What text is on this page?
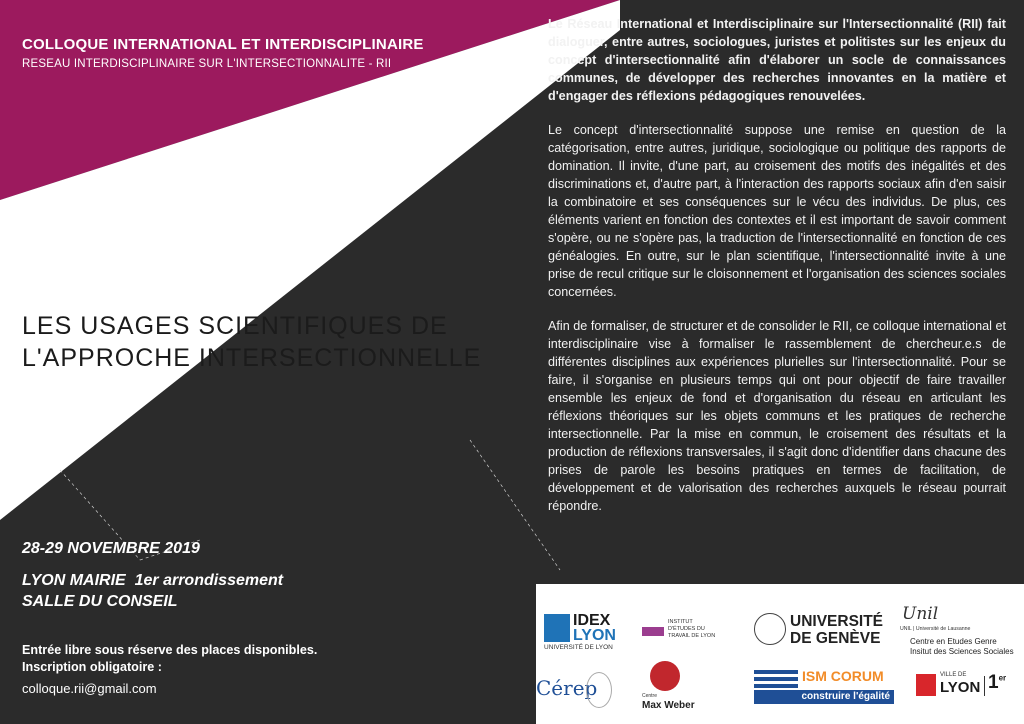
COLLOQUE INTERNATIONAL ET INTERDISCIPLINAIRE
RESEAU INTERDISCIPLINAIRE SUR L'INTERSECTIONNALITE - RII
LES USAGES SCIENTIFIQUES DE
L'APPROCHE INTERSECTIONNELLE

Le Réseau International et Interdisciplinaire sur l'Intersectionnalité (RII) fait dialoguer, entre autres, sociologues, juristes et politistes sur les enjeux du concept d'intersectionnalité afin d'élaborer un socle de connaissances communes, de développer des recherches innovantes en la matière et d'engager des réflexions pédagogiques renouvelées.

Le concept d'intersectionnalité suppose une remise en question de la catégorisation, entre autres, juridique, sociologique ou politique des rapports de domination. Il invite, d'une part, au croisement des motifs des inégalités et des discriminations et, d'autre part, à l'interaction des rapports sociaux afin d'en saisir la combinatoire et ses conséquences sur le vécu des individus. De plus, ces éléments varient en fonction des contextes et il est important de savoir comment s'opère, ou ne s'opère pas, la traduction de l'intersectionnalité en fonction de ces généalogies. En outre, sur le plan scientifique, l'intersectionnalité invite à une prise de recul critique sur le cloisonnement et l'organisation des sciences sociales concernées.

Afin de formaliser, de structurer et de consolider le RII, ce colloque international et interdisciplinaire vise à formaliser le rassemblement de chercheur.e.s de différentes disciplines aux expériences plurielles sur l'intersectionnalité. Pour se faire, il s'organise en plusieurs temps qui ont pour objectif de faire travailler ensemble les enjeux de fond et d'organisation du réseau en articulant les réflexions théoriques sur les objets communs et les pratiques de recherche intersectionnelle. Par la mise en commun, le croisement des résultats et la production de réflexions transversales, il s'agit donc d'identifier dans chacune des prises de parole les besoins pratiques en termes de facilitation, de développement et de valorisation des recherches auxquels le réseau pourrait répondre.

28-29 NOVEMBRE 2019
LYON MAIRIE  1er arrondissement
SALLE DU CONSEIL
Entrée libre sous réserve des places disponibles.
Inscription obligatoire :
colloque.rii@gmail.com
IDEX
LYON
UNIVERSITÉ DE LYON
INSTITUT
D'ÉTUDES DU
TRAVAIL DE LYON
UNIVERSITÉ
DE GENÈVE
Unil
UNIL | Université de Lausanne
Centre en Etudes Genre
Insitut des Sciences Sociales
Cérep	Centre
Max Weber
ISM CORUM
construire l'égalité
VILLE DE
LYON 1er
